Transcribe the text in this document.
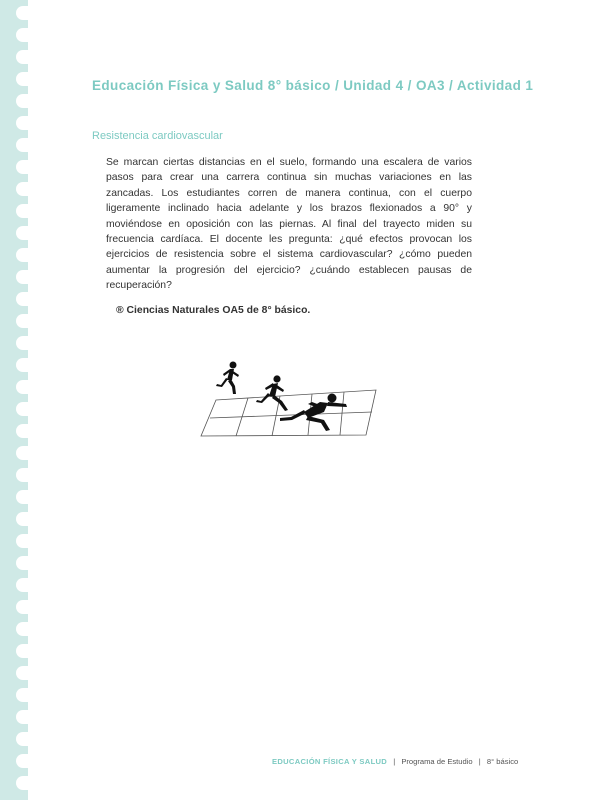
Educación Física y Salud 8° básico / Unidad 4 / OA3 / Actividad 1
Resistencia cardiovascular
Se marcan ciertas distancias en el suelo, formando una escalera de varios pasos para crear una carrera continua sin muchas variaciones en las zancadas. Los estudiantes corren de manera continua, con el cuerpo ligeramente inclinado hacia adelante y los brazos flexionados a 90° y moviéndose en oposición con las piernas. Al final del trayecto miden su frecuencia cardíaca. El docente les pregunta: ¿qué efectos provocan los ejercicios de resistencia sobre el sistema cardiovascular? ¿cómo pueden aumentar la progresión del ejercicio? ¿cuándo establecen pausas de recuperación?
® Ciencias Naturales OA5 de 8° básico.
EDUCACIÓN FÍSICA Y SALUD | Programa de Estudio | 8° básico
